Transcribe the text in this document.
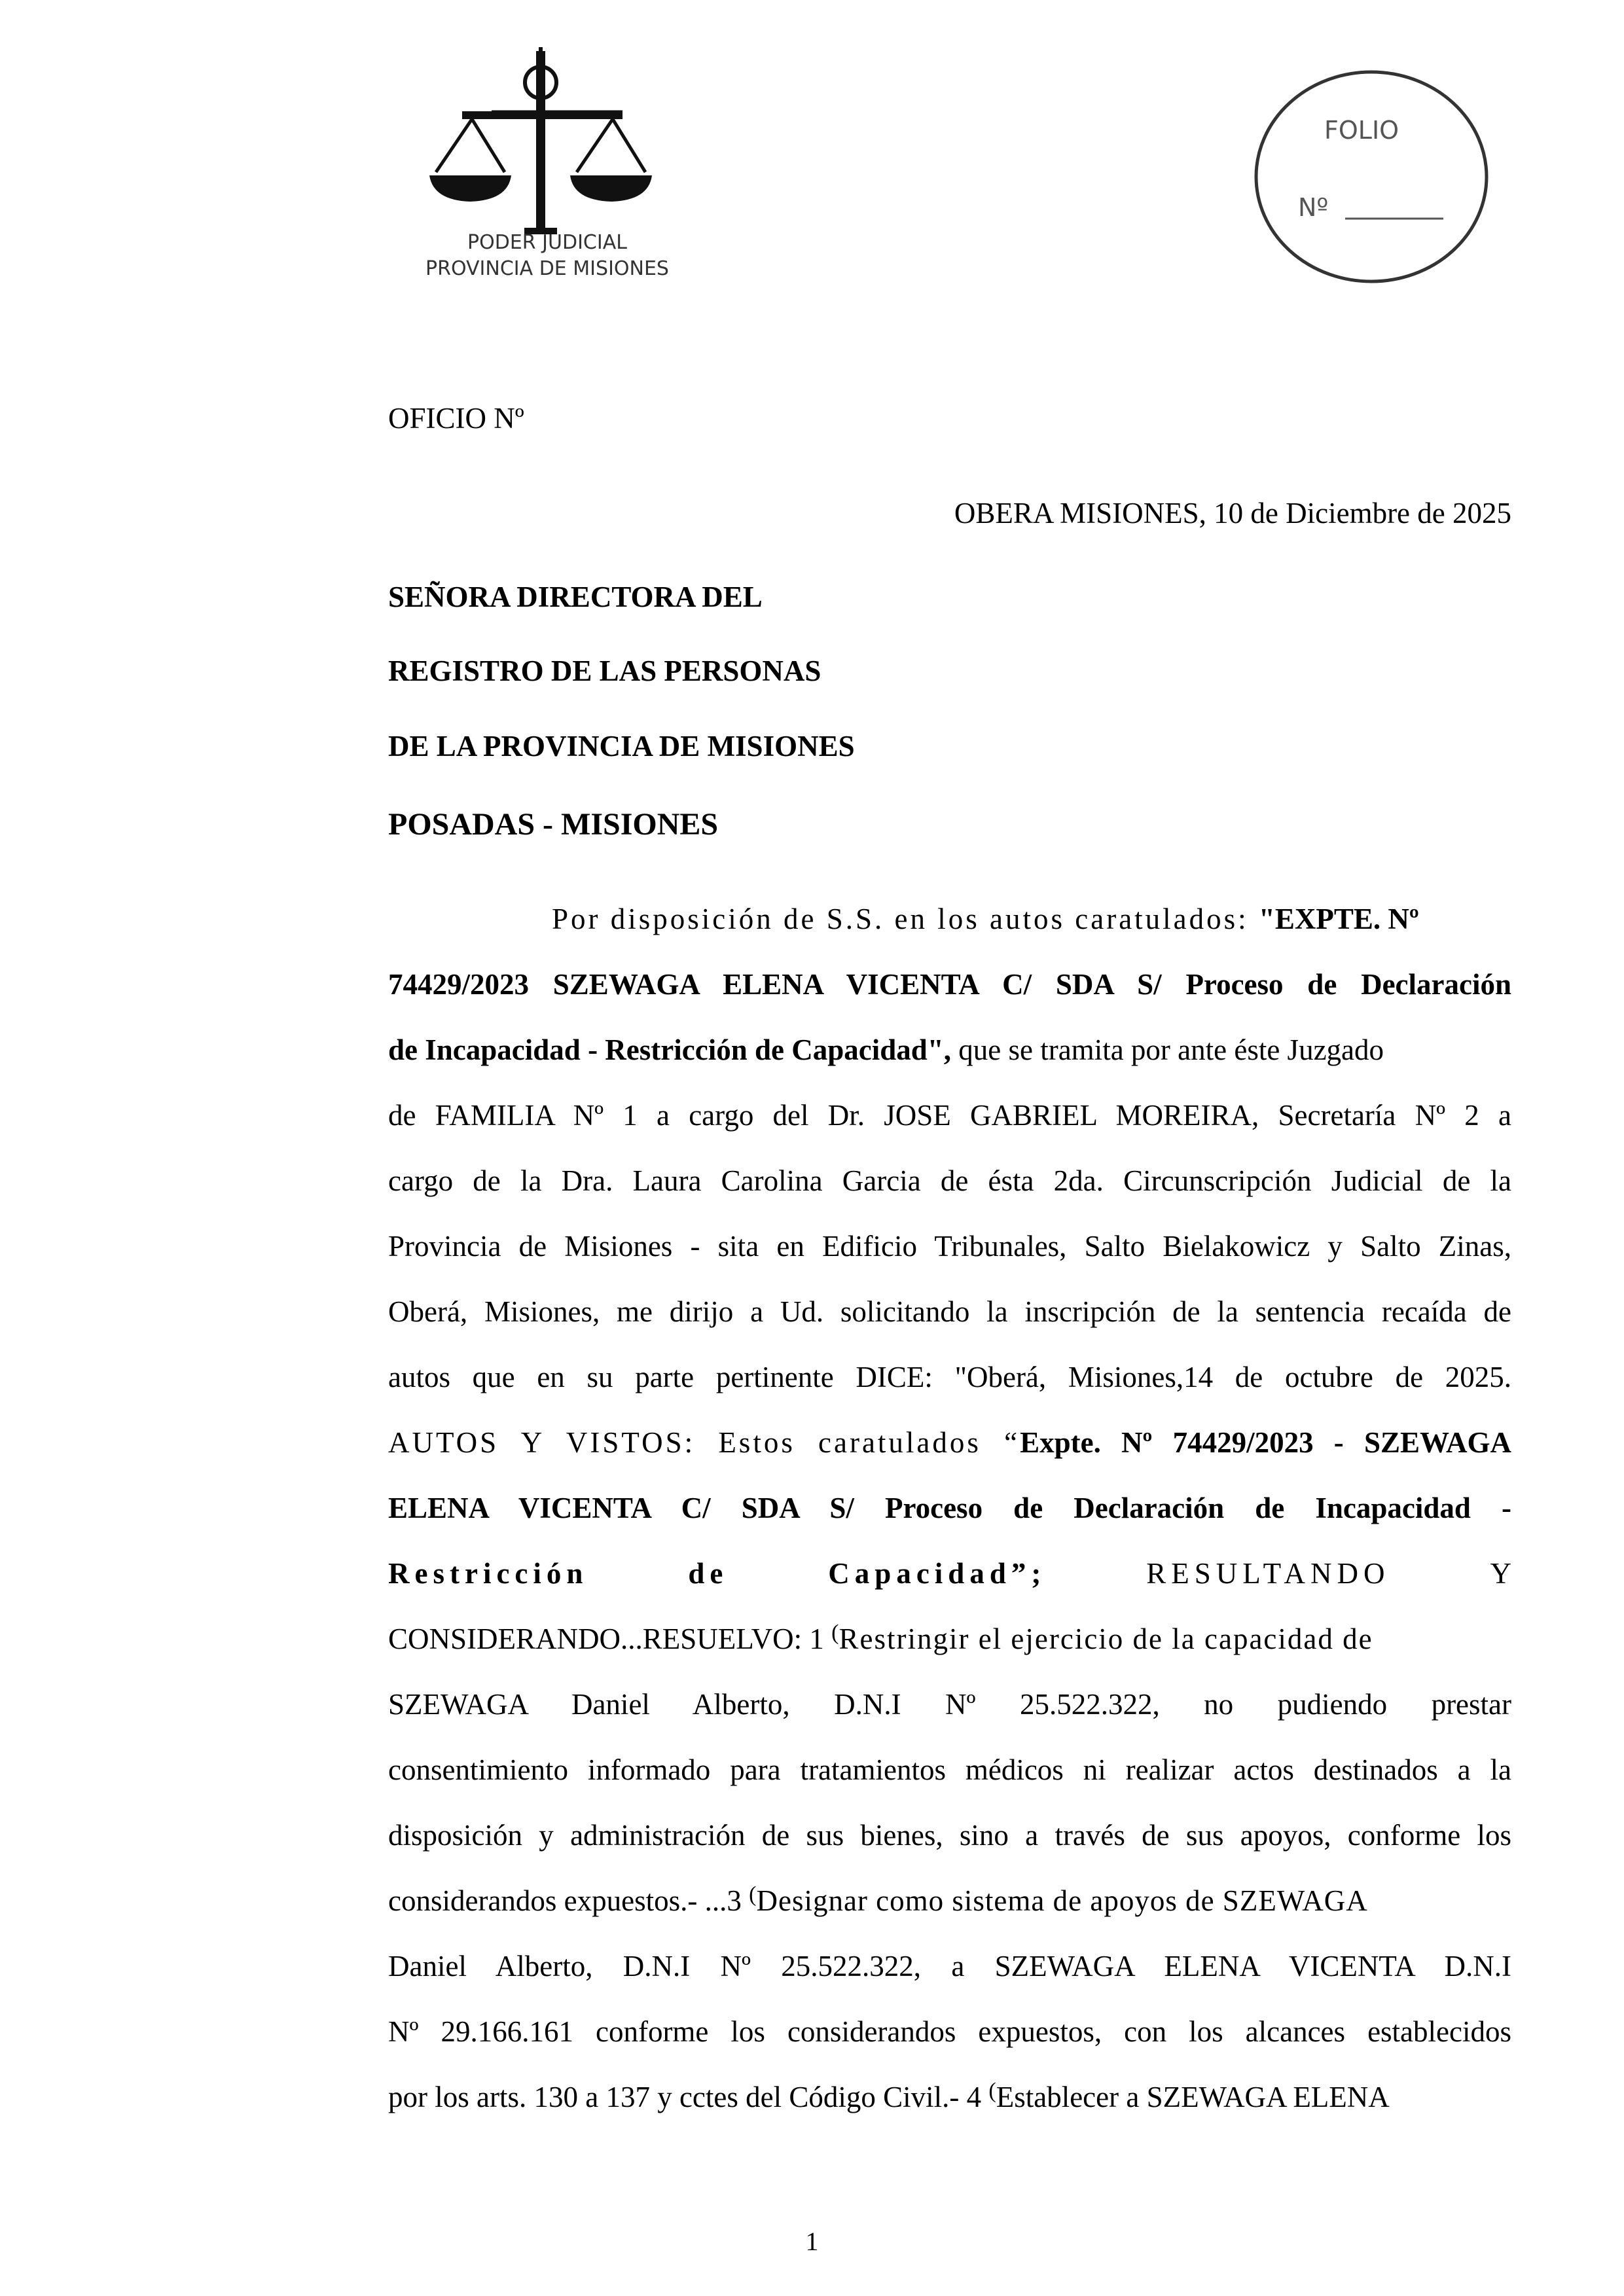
PODER JUDICIAL
PROVINCIA DE MISIONES
FOLIO
Nº

OFICIO Nº

OBERA MISIONES, 10 de Diciembre de 2025

SEÑORA DIRECTORA DEL

REGISTRO DE LAS PERSONAS

DE LA PROVINCIA DE MISIONES

POSADAS - MISIONES

Por disposición de S.S. en los autos caratulados: "EXPTE. Nº

74429/2023 SZEWAGA ELENA VICENTA C/ SDA S/ Proceso de Declaración

de Incapacidad - Restricción de Capacidad", que se tramita por ante éste Juzgado

de FAMILIA Nº 1 a cargo del Dr. JOSE GABRIEL MOREIRA, Secretaría Nº 2 a

cargo de la Dra. Laura Carolina Garcia de ésta 2da. Circunscripción Judicial de la

Provincia de Misiones - sita en Edificio Tribunales, Salto Bielakowicz y Salto Zinas,

Oberá, Misiones, me dirijo a Ud. solicitando la inscripción de la sentencia recaída de

autos que en su parte pertinente DICE: "Oberá, Misiones,14 de octubre de 2025.

AUTOS Y VISTOS: Estos caratulados “Expte. Nº 74429/2023 - SZEWAGA

ELENA VICENTA C/ SDA S/ Proceso de Declaración de Incapacidad -

Restricción	de	Capacidad”;	RESULTANDO	Y

CONSIDERANDO...RESUELVO: 1 (Restringir el ejercicio de la capacidad de

SZEWAGA Daniel Alberto, D.N.I Nº 25.522.322, no pudiendo prestar

consentimiento informado para tratamientos médicos ni realizar actos destinados a la

disposición y administración de sus bienes, sino a través de sus apoyos, conforme los

considerandos expuestos.- ...3 (Designar como sistema de apoyos de SZEWAGA

Daniel Alberto, D.N.I Nº 25.522.322, a SZEWAGA ELENA VICENTA D.N.I

Nº 29.166.161 conforme los considerandos expuestos, con los alcances establecidos

por los arts. 130 a 137 y cctes del Código Civil.- 4 (Establecer a SZEWAGA ELENA

1
